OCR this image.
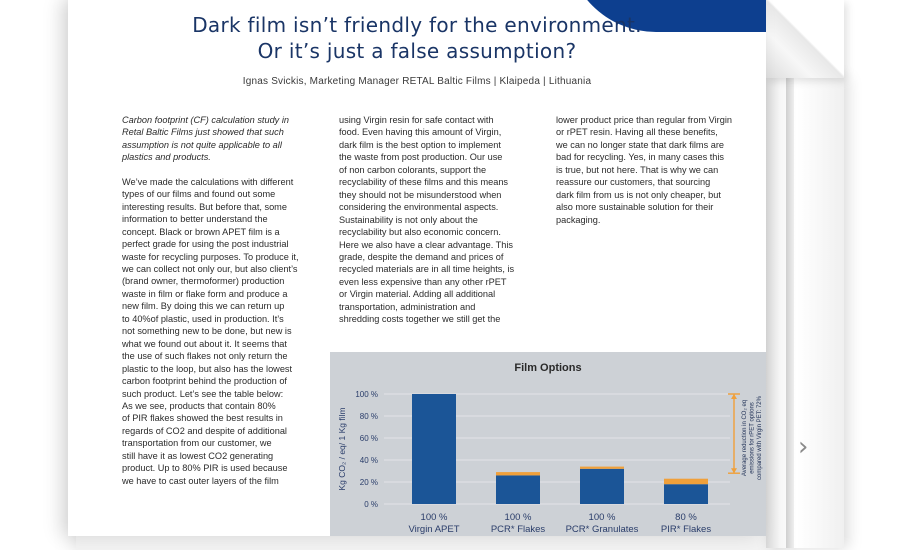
Dark film isn’t friendly for the environment.
Or it’s just a false assumption?
Ignas Svickis, Marketing Manager RETAL Baltic Films | Klaipeda | Lithuania

Carbon footprint (CF) calculation study in

Retal Baltic Films just showed that such

assumption is not quite applicable to all

plastics and products.

We’ve made the calculations with different

types of our films and found out some

interesting results. But before that, some

information to better understand the

concept. Black or brown APET film is a

perfect grade for using the post industrial

waste for recycling purposes. To produce it,

we can collect not only our, but also client’s

(brand owner, thermoformer) production

waste in film or flake form and produce a

new film. By doing this we can return up

to 40%of plastic, used in production. It’s

not something new to be done, but new is

what we found out about it. It seems that

the use of such flakes not only return the

plastic to the loop, but also has the lowest

carbon footprint behind the production of

such product. Let’s see the table below:

As we see, products that contain 80%

of PIR flakes showed the best results in

regards of CO2 and despite of additional

transportation from our customer, we

still have it as lowest CO2 generating

product. Up to 80% PIR is used because

we have to cast outer layers of the film

using Virgin resin for safe contact with

food. Even having this amount of Virgin,

dark film is the best option to implement

the waste from post production. Our use

of non carbon colorants, support the

recyclability of these films and this means

they should not be misunderstood when

considering the environmental aspects.

Sustainability is not only about the

recyclability but also economic concern.

Here we also have a clear advantage. This

grade, despite the demand and prices of

recycled materials are in all time heights, is

even less expensive than any other rPET

or Virgin material. Adding all additional

transportation, administration and

shredding costs together we still get the

lower product price than regular from Virgin

or rPET resin. Having all these benefits,

we can no longer state that dark films are

bad for recycling. Yes, in many cases this

is true, but not here. That is why we can

reassure our customers, that sourcing

dark film from us is not only cheaper, but

also more sustainable solution for their

packaging.

Film Options
Kg CO₂ / eq/ 1 Kg film
100 %
80 %
60 %
40 %
20 %
0 %
100 %
Virgin APET
100 %
PCR* Flakes
100 %
PCR* Granulates
80 %
PIR* Flakes
Average reduction in CO₂ eq emissions for rPET options compared with Virgin PET: 72% ›
